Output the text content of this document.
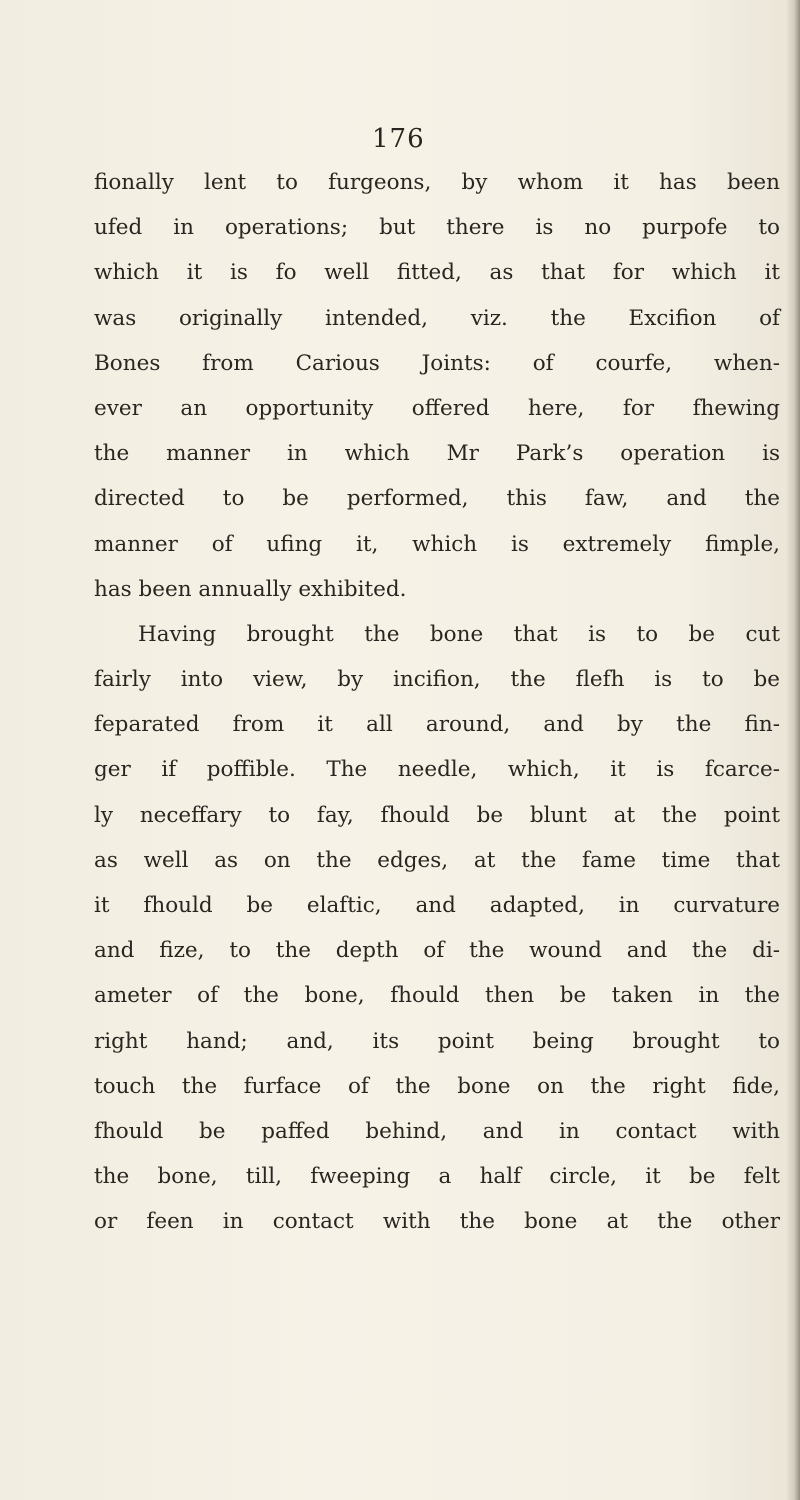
176
fionally lent to furgeons, by whom it has been
ufed in operations; but there is no purpofe to
which it is fo well fitted, as that for which it
was originally intended, viz. the Excifion of
Bones from Carious Joints: of courfe, when-
ever an opportunity offered here, for fhewing
the manner in which Mr Park’s operation is
directed to be performed, this faw, and the
manner of ufing it, which is extremely fimple,
has been annually exhibited.
Having brought the bone that is to be cut
fairly into view, by incifion, the flefh is to be
feparated from it all around, and by the fin-
ger if poffible. The needle, which, it is fcarce-
ly neceffary to fay, fhould be blunt at the point
as well as on the edges, at the fame time that
it fhould be elaftic, and adapted, in curvature
and fize, to the depth of the wound and the di-
ameter of the bone, fhould then be taken in the
right hand; and, its point being brought to
touch the furface of the bone on the right fide,
fhould be paffed behind, and in contact with
the bone, till, fweeping a half circle, it be felt
or feen in contact with the bone at the other
